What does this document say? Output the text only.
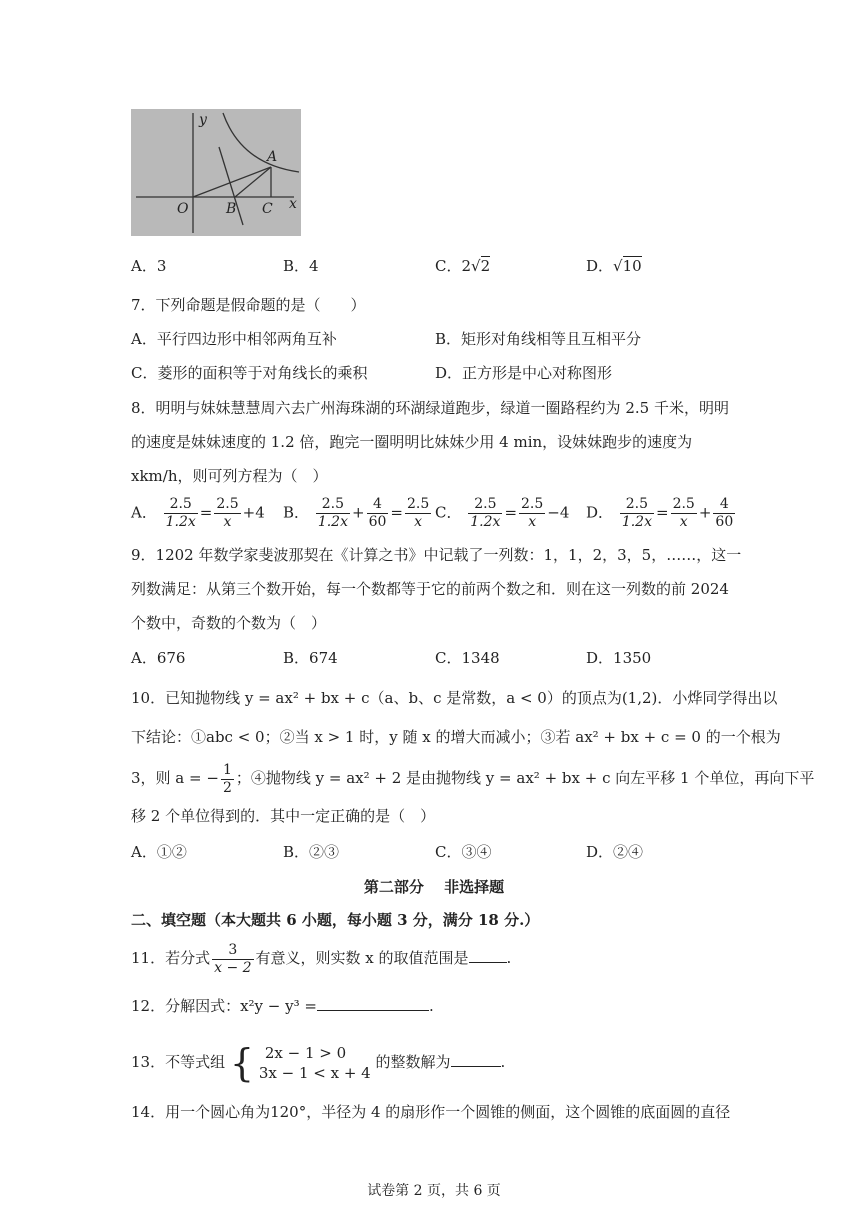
y
x
O
A
B C
A．3	B．4	C．2√2	D．√10
7．下列命题是假命题的是（　　）
A．平行四边形中相邻两角互补	B．矩形对角线相等且互相平分
C．菱形的面积等于对角线长的乘积	D．正方形是中心对称图形
8．明明与妹妹慧慧周六去广州海珠湖的环湖绿道跑步，绿道一圈路程约为 2.5 千米，明明
的速度是妹妹速度的 1.2 倍，跑完一圈明明比妹妹少用 4 min，设妹妹跑步的速度为
xkm/h，则可列方程为（　）
A． $\frac{2.5}{1.2x} = \frac{2.5}{x} +4$ B． $\frac{2.5}{1.2x} + \frac{4}{60} = \frac{2.5}{x}$ C． $\frac{2.5}{1.2x} = \frac{2.5}{x} -4$ D． $\frac{2.5}{1.2x} = \frac{2.5}{x} + \frac{4}{60}$
9．1202 年数学家斐波那契在《计算之书》中记载了一列数：1，1，2，3，5，……，这一
列数满足：从第三个数开始，每一个数都等于它的前两个数之和．则在这一列数的前 2024
个数中，奇数的个数为（　）
A．676	B．674	C．1348	D．1350
10．已知抛物线 y = ax² + bx + c（a、b、c 是常数，a < 0）的顶点为(1,2)．小烨同学得出以
下结论：①abc < 0；②当 x > 1 时，y 随 x 的增大而减小；③若 ax² + bx + c = 0 的一个根为
3，则 a = − $\frac{1}{2}$ ；④抛物线 y = ax² + 2 是由抛物线 y = ax² + bx + c 向左平移 1 个单位，再向下平
移 2 个单位得到的．其中一定正确的是（　）
A．①②	B．②③	C．③④	D．②④
第二部分　 非选择题
二、填空题（本大题共 6 小题，每小题 3 分，满分 18 分.）
11．若分式 $\frac{3}{x - 2}$ 有意义，则实数 x 的取值范围是	.
12．分解因式：x²y − y³ =	.
13．不等式组 { 2x − 1 > 0
3x − 1 < x + 4
的整数解为	.
14．用一个圆心角为120°，半径为 4 的扇形作一个圆锥的侧面，这个圆锥的底面圆的直径
试卷第 2 页，共 6 页
